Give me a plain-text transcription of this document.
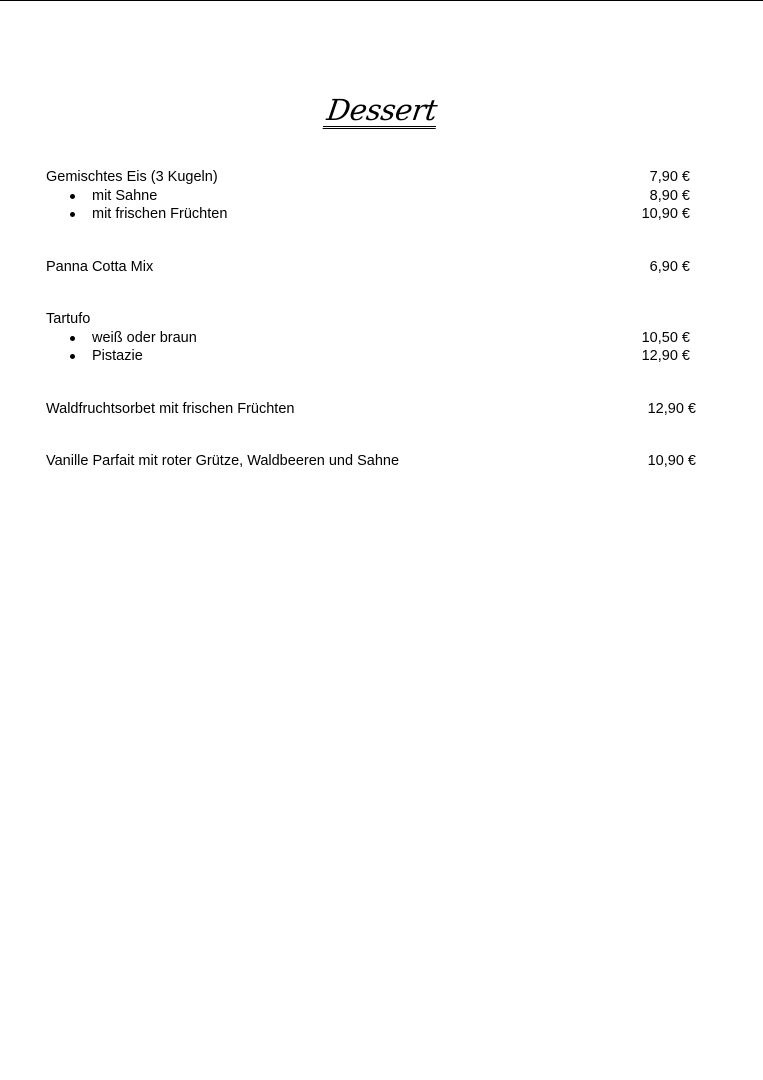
Dessert
Gemischtes Eis (3 Kugeln)	7,90 €
mit Sahne	8,90 €
mit frischen Früchten	10,90 €
Panna Cotta Mix	6,90 €
Tartufo
weiß oder braun	10,50 €
Pistazie	12,90 €
Waldfruchtsorbet mit frischen Früchten	12,90 €
Vanille Parfait mit roter Grütze, Waldbeeren und Sahne	10,90 €
